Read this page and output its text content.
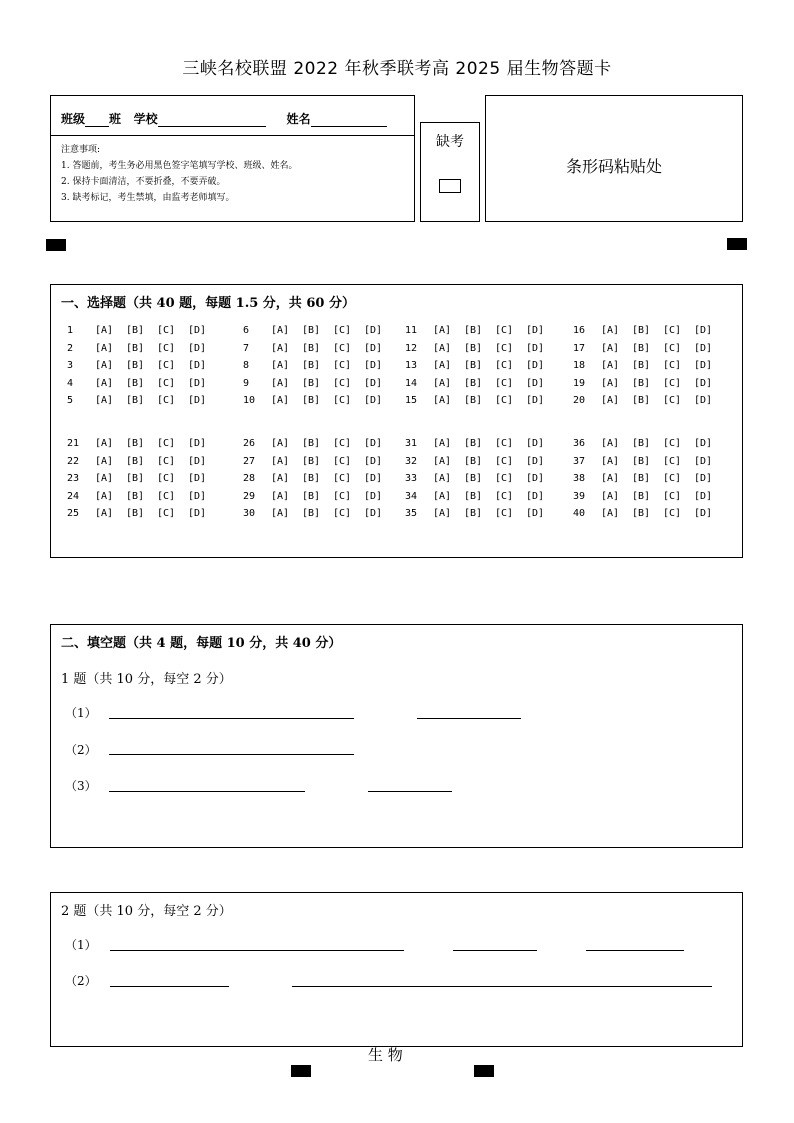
三峡名校联盟 2022 年秋季联考高 2025 届生物答题卡
班级 班 学校	姓名
注意事项:
1. 答题前，考生务必用黑色签字笔填写学校、班级、姓名。
2. 保持卡面清洁，不要折叠，不要弄破。
3. 缺考标记，考生禁填，由监考老师填写。
缺考
条形码粘贴处
一、选择题（共 40 题，每题 1.5 分，共 60 分）
1 [A] [B] [C] [D]
2 [A] [B] [C] [D]
3 [A] [B] [C] [D]
4 [A] [B] [C] [D]
5 [A] [B] [C] [D]
6 [A] [B] [C] [D]
7 [A] [B] [C] [D]
8 [A] [B] [C] [D]
9 [A] [B] [C] [D]
10 [A] [B] [C] [D]
11 [A] [B] [C] [D]
12 [A] [B] [C] [D]
13 [A] [B] [C] [D]
14 [A] [B] [C] [D]
15 [A] [B] [C] [D]
16 [A] [B] [C] [D]
17 [A] [B] [C] [D]
18 [A] [B] [C] [D]
19 [A] [B] [C] [D]
20 [A] [B] [C] [D]
21 [A] [B] [C] [D]
22 [A] [B] [C] [D]
23 [A] [B] [C] [D]
24 [A] [B] [C] [D]
25 [A] [B] [C] [D]
26 [A] [B] [C] [D]
27 [A] [B] [C] [D]
28 [A] [B] [C] [D]
29 [A] [B] [C] [D]
30 [A] [B] [C] [D]
31 [A] [B] [C] [D]
32 [A] [B] [C] [D]
33 [A] [B] [C] [D]
34 [A] [B] [C] [D]
35 [A] [B] [C] [D]
36 [A] [B] [C] [D]
37 [A] [B] [C] [D]
38 [A] [B] [C] [D]
39 [A] [B] [C] [D]
40 [A] [B] [C] [D]
二、填空题（共 4 题，每题 10 分，共 40 分）
1 题（共 10 分，每空 2 分）
（1）
（2）
（3）
2 题（共 10 分，每空 2 分）
（1）
（2）
生 物
